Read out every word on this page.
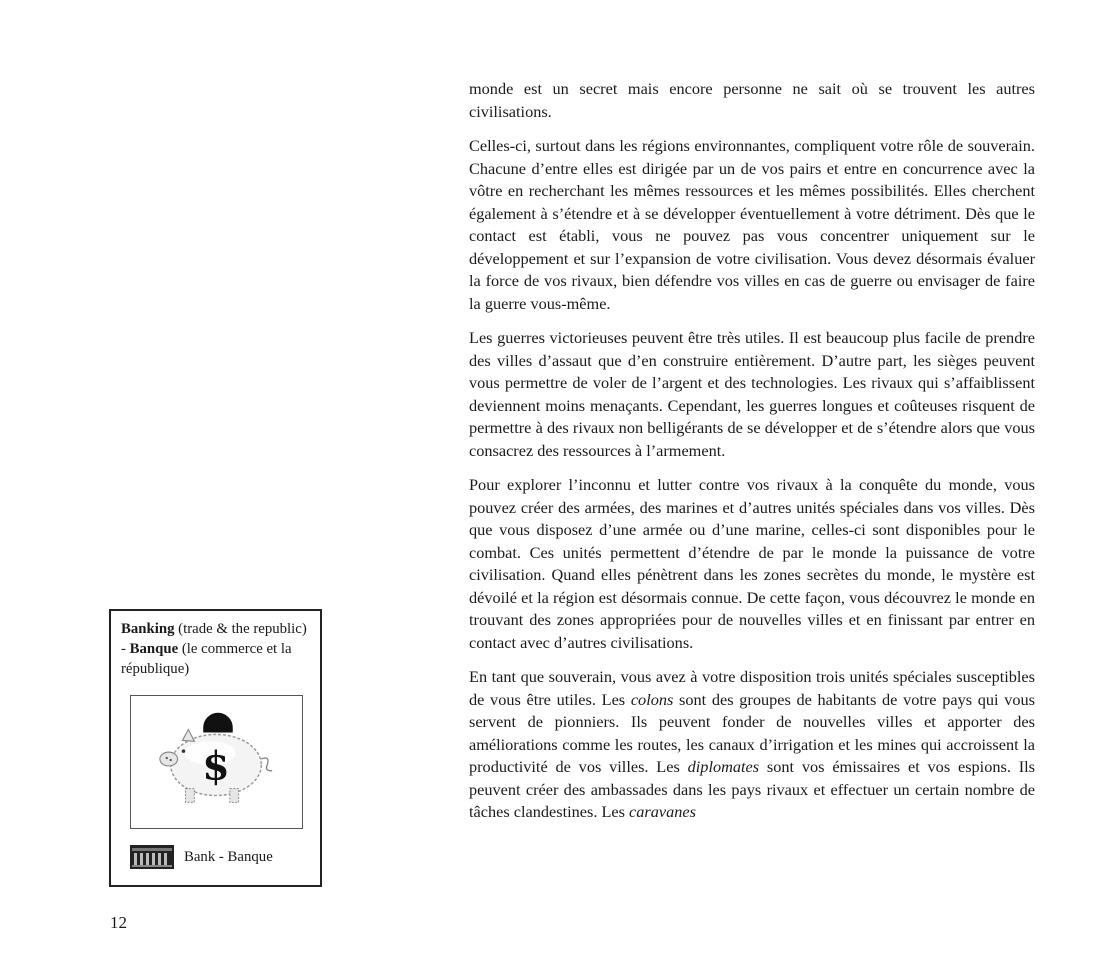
monde est un secret mais encore personne ne sait où se trouvent les autres civilisations.

Celles-ci, surtout dans les régions environnantes, compliquent votre rôle de souverain. Chacune d’entre elles est dirigée par un de vos pairs et entre en concurrence avec la vôtre en recherchant les mêmes ressources et les mêmes possibilités. Elles cherchent également à s’étendre et à se développer éventuellement à votre détriment. Dès que le contact est établi, vous ne pouvez pas vous concentrer uniquement sur le développement et sur l’expansion de votre civilisation. Vous devez désormais évaluer la force de vos rivaux, bien défendre vos villes en cas de guerre ou envisager de faire la guerre vous-même.

Les guerres victorieuses peuvent être très utiles. Il est beaucoup plus facile de prendre des villes d’assaut que d’en construire entièrement. D’autre part, les sièges peuvent vous permettre de voler de l’argent et des technologies. Les rivaux qui s’affaiblissent deviennent moins menaçants. Cependant, les guerres longues et coûteuses risquent de permettre à des rivaux non belligérants de se développer et de s’étendre alors que vous consacrez des ressources à l’armement.

Pour explorer l’inconnu et lutter contre vos rivaux à la conquête du monde, vous pouvez créer des armées, des marines et d’autres unités spéciales dans vos villes. Dès que vous disposez d’une armée ou d’une marine, celles-ci sont disponibles pour le combat. Ces unités permettent d’étendre de par le monde la puissance de votre civilisation. Quand elles pénètrent dans les zones secrètes du monde, le mystère est dévoilé et la région est désormais connue. De cette façon, vous découvrez le monde en trouvant des zones appropriées pour de nouvelles villes et en finissant par entrer en contact avec d’autres civilisations.

En tant que souverain, vous avez à votre disposition trois unités spéciales susceptibles de vous être utiles. Les colons sont des groupes de habitants de votre pays qui vous servent de pionniers. Ils peuvent fonder de nouvelles villes et apporter des améliorations comme les routes, les canaux d’irrigation et les mines qui accroissent la productivité de vos villes. Les diplomates sont vos émissaires et vos espions. Ils peuvent créer des ambassades dans les pays rivaux et effectuer un certain nombre de tâches clandestines. Les caravanes

Banking (trade & the republic) - Banque (le commerce et la république)

$
Bank - Banque
12
